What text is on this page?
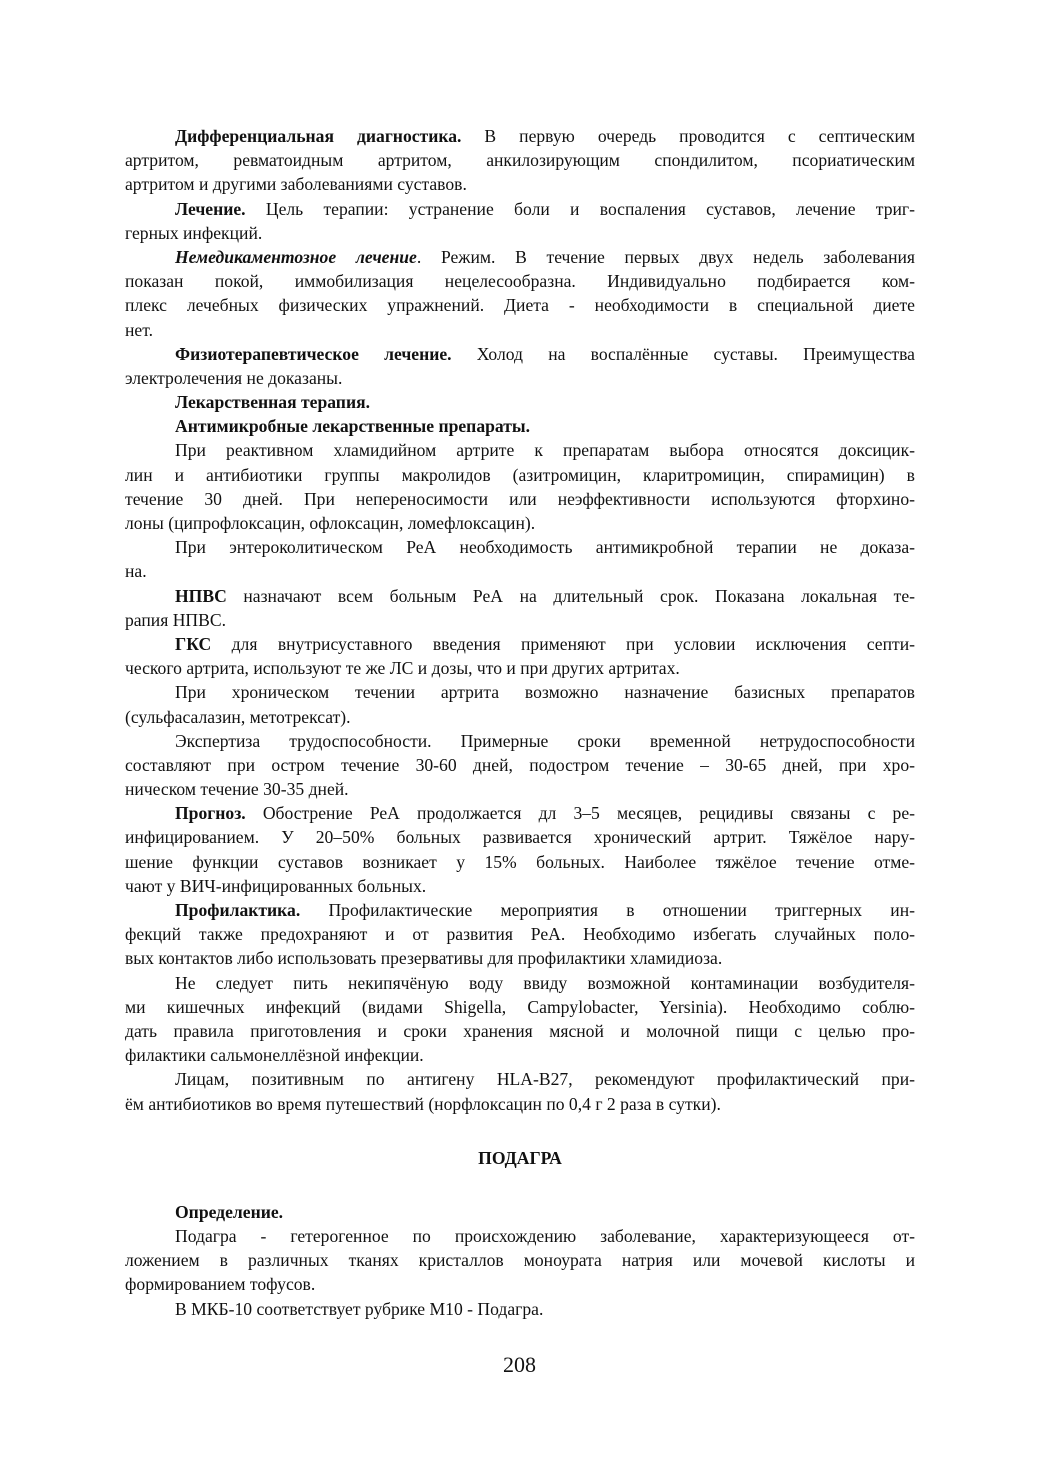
Дифференциальная диагностика. В первую очередь проводится с септическим
артритом, ревматоидным артритом, анкилозирующим спондилитом, псориатическим
артритом и другими заболеваниями суставов.
Лечение. Цель терапии: устранение боли и воспаления суставов, лечение триг-
герных инфекций.
Немедикаментозное лечение. Режим. В течение первых двух недель заболевания
показан покой, иммобилизация нецелесообразна. Индивидуально подбирается ком-
плекс лечебных физических упражнений. Диета - необходимости в специальной диете
нет.
Физиотерапевтическое лечение. Холод на воспалённые суставы. Преимущества
электролечения не доказаны.
Лекарственная терапия.
Антимикробные лекарственные препараты.
При реактивном хламидийном артрите к препаратам выбора относятся доксицик-
лин и антибиотики группы макролидов (азитромицин, кларитромицин, спирамицин) в
течение 30 дней. При непереносимости или неэффективности используются фторхино-
лоны (ципрофлоксацин, офлоксацин, ломефлоксацин).
При энтероколитическом РеА необходимость антимикробной терапии не доказа-
на.
НПВС назначают всем больным РеА на длительный срок. Показана локальная те-
рапия НПВС.
ГКС для внутрисуставного введения применяют при условии исключения септи-
ческого артрита, используют те же ЛС и дозы, что и при других артритах.
При хроническом течении артрита возможно назначение базисных препаратов
(сульфасалазин, метотрексат).
Экспертиза трудоспособности. Примерные сроки временной нетрудоспособности
составляют при остром течение 30-60 дней, подостром течение – 30-65 дней, при хро-
ническом течение 30-35 дней.
Прогноз. Обострение РеА продолжается дл 3–5 месяцев, рецидивы связаны с ре-
инфицированием. У 20–50% больных развивается хронический артрит. Тяжёлое нару-
шение функции суставов возникает у 15% больных. Наиболее тяжёлое течение отме-
чают у ВИЧ-инфицированных больных.
Профилактика. Профилактические мероприятия в отношении триггерных ин-
фекций также предохраняют и от развития РеА. Необходимо избегать случайных поло-
вых контактов либо использовать презервативы для профилактики хламидиоза.
Не следует пить некипячёную воду ввиду возможной контаминации возбудителя-
ми кишечных инфекций (видами Shigella, Campylobacter, Yersinia). Необходимо соблю-
дать правила приготовления и сроки хранения мясной и молочной пищи с целью про-
филактики сальмонеллёзной инфекции.
Лицам, позитивным по антигену HLA-B27, рекомендуют профилактический при-
ём антибиотиков во время путешествий (норфлоксацин по 0,4 г 2 раза в сутки).
ПОДАГРА
Определение.
Подагра - гетерогенное по происхождению заболевание, характеризующееся от-
ложением в различных тканях кристаллов моноурата натрия или мочевой кислоты и
формированием тофусов.
В МКБ-10 соответствует рубрике М10 - Подагра.
208
